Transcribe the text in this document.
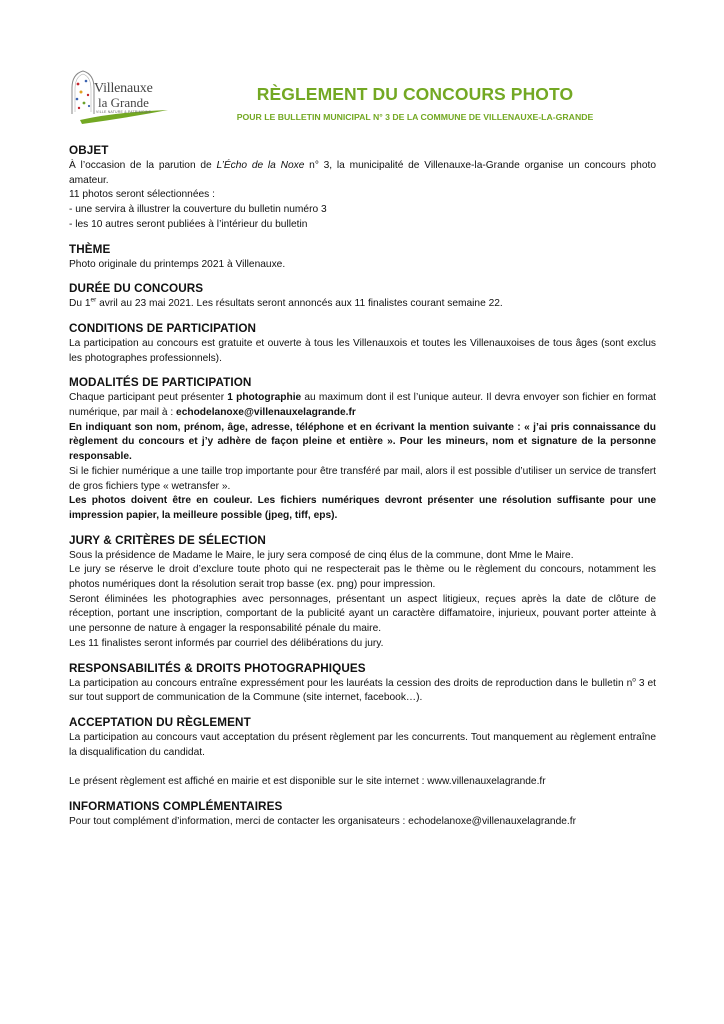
Villenauxe
la Grande
VILLE NATURE & PATRIMOINE
RÈGLEMENT DU CONCOURS PHOTO
POUR LE BULLETIN MUNICIPAL N° 3 DE LA COMMUNE DE VILLENAUXE-LA-GRANDE
OBJET

À l’occasion de la parution de L’Écho de la Noxe n° 3, la municipalité de Villenauxe-la-Grande organise un concours photo amateur.

11 photos seront sélectionnées :

- une servira à illustrer la couverture du bulletin numéro 3

- les 10 autres seront publiées à l’intérieur du bulletin

THÈME

Photo originale du printemps 2021 à Villenauxe.

DURÉE DU CONCOURS

Du 1er avril au 23 mai 2021. Les résultats seront annoncés aux 11 finalistes courant semaine 22.

CONDITIONS DE PARTICIPATION

La participation au concours est gratuite et ouverte à tous les Villenauxois et toutes les Villenauxoises de tous âges (sont exclus les photographes professionnels).

MODALITÉS DE PARTICIPATION

Chaque participant peut présenter 1 photographie au maximum dont il est l’unique auteur. Il devra envoyer son fichier en format numérique, par mail à : echodelanoxe@villenauxelagrande.fr

En indiquant son nom, prénom, âge, adresse, téléphone et en écrivant la mention suivante : « j’ai pris connaissance du règlement du concours et j’y adhère de façon pleine et entière ». Pour les mineurs, nom et signature de la personne responsable.

Si le fichier numérique a une taille trop importante pour être transféré par mail, alors il est possible d’utiliser un service de transfert de gros fichiers type « wetransfer ».

Les photos doivent être en couleur. Les fichiers numériques devront présenter une résolution suffisante pour une impression papier, la meilleure possible (jpeg, tiff, eps).

JURY & CRITÈRES DE SÉLECTION

Sous la présidence de Madame le Maire, le jury sera composé de cinq élus de la commune, dont Mme le Maire.

Le jury se réserve le droit d’exclure toute photo qui ne respecterait pas le thème ou le règlement du concours, notamment les photos numériques dont la résolution serait trop basse (ex. png) pour impression.

Seront éliminées les photographies avec personnages, présentant un aspect litigieux, reçues après la date de clôture de réception, portant une inscription, comportant de la publicité ayant un caractère diffamatoire, injurieux, pouvant porter atteinte à une personne de nature à engager la responsabilité pénale du maire.

Les 11 finalistes seront informés par courriel des délibérations du jury.

RESPONSABILITÉS & DROITS PHOTOGRAPHIQUES

La participation au concours entraîne expressément pour les lauréats la cession des droits de reproduction dans le bulletin $n^o$ 3 et sur tout support de communication de la Commune (site internet, facebook…).

ACCEPTATION DU RÈGLEMENT

La participation au concours vaut acceptation du présent règlement par les concurrents. Tout manquement au règlement entraîne la disqualification du candidat.

Le présent règlement est affiché en mairie et est disponible sur le site internet : www.villenauxelagrande.fr

INFORMATIONS COMPLÉMENTAIRES

Pour tout complément d’information, merci de contacter les organisateurs : echodelanoxe@villenauxelagrande.fr
